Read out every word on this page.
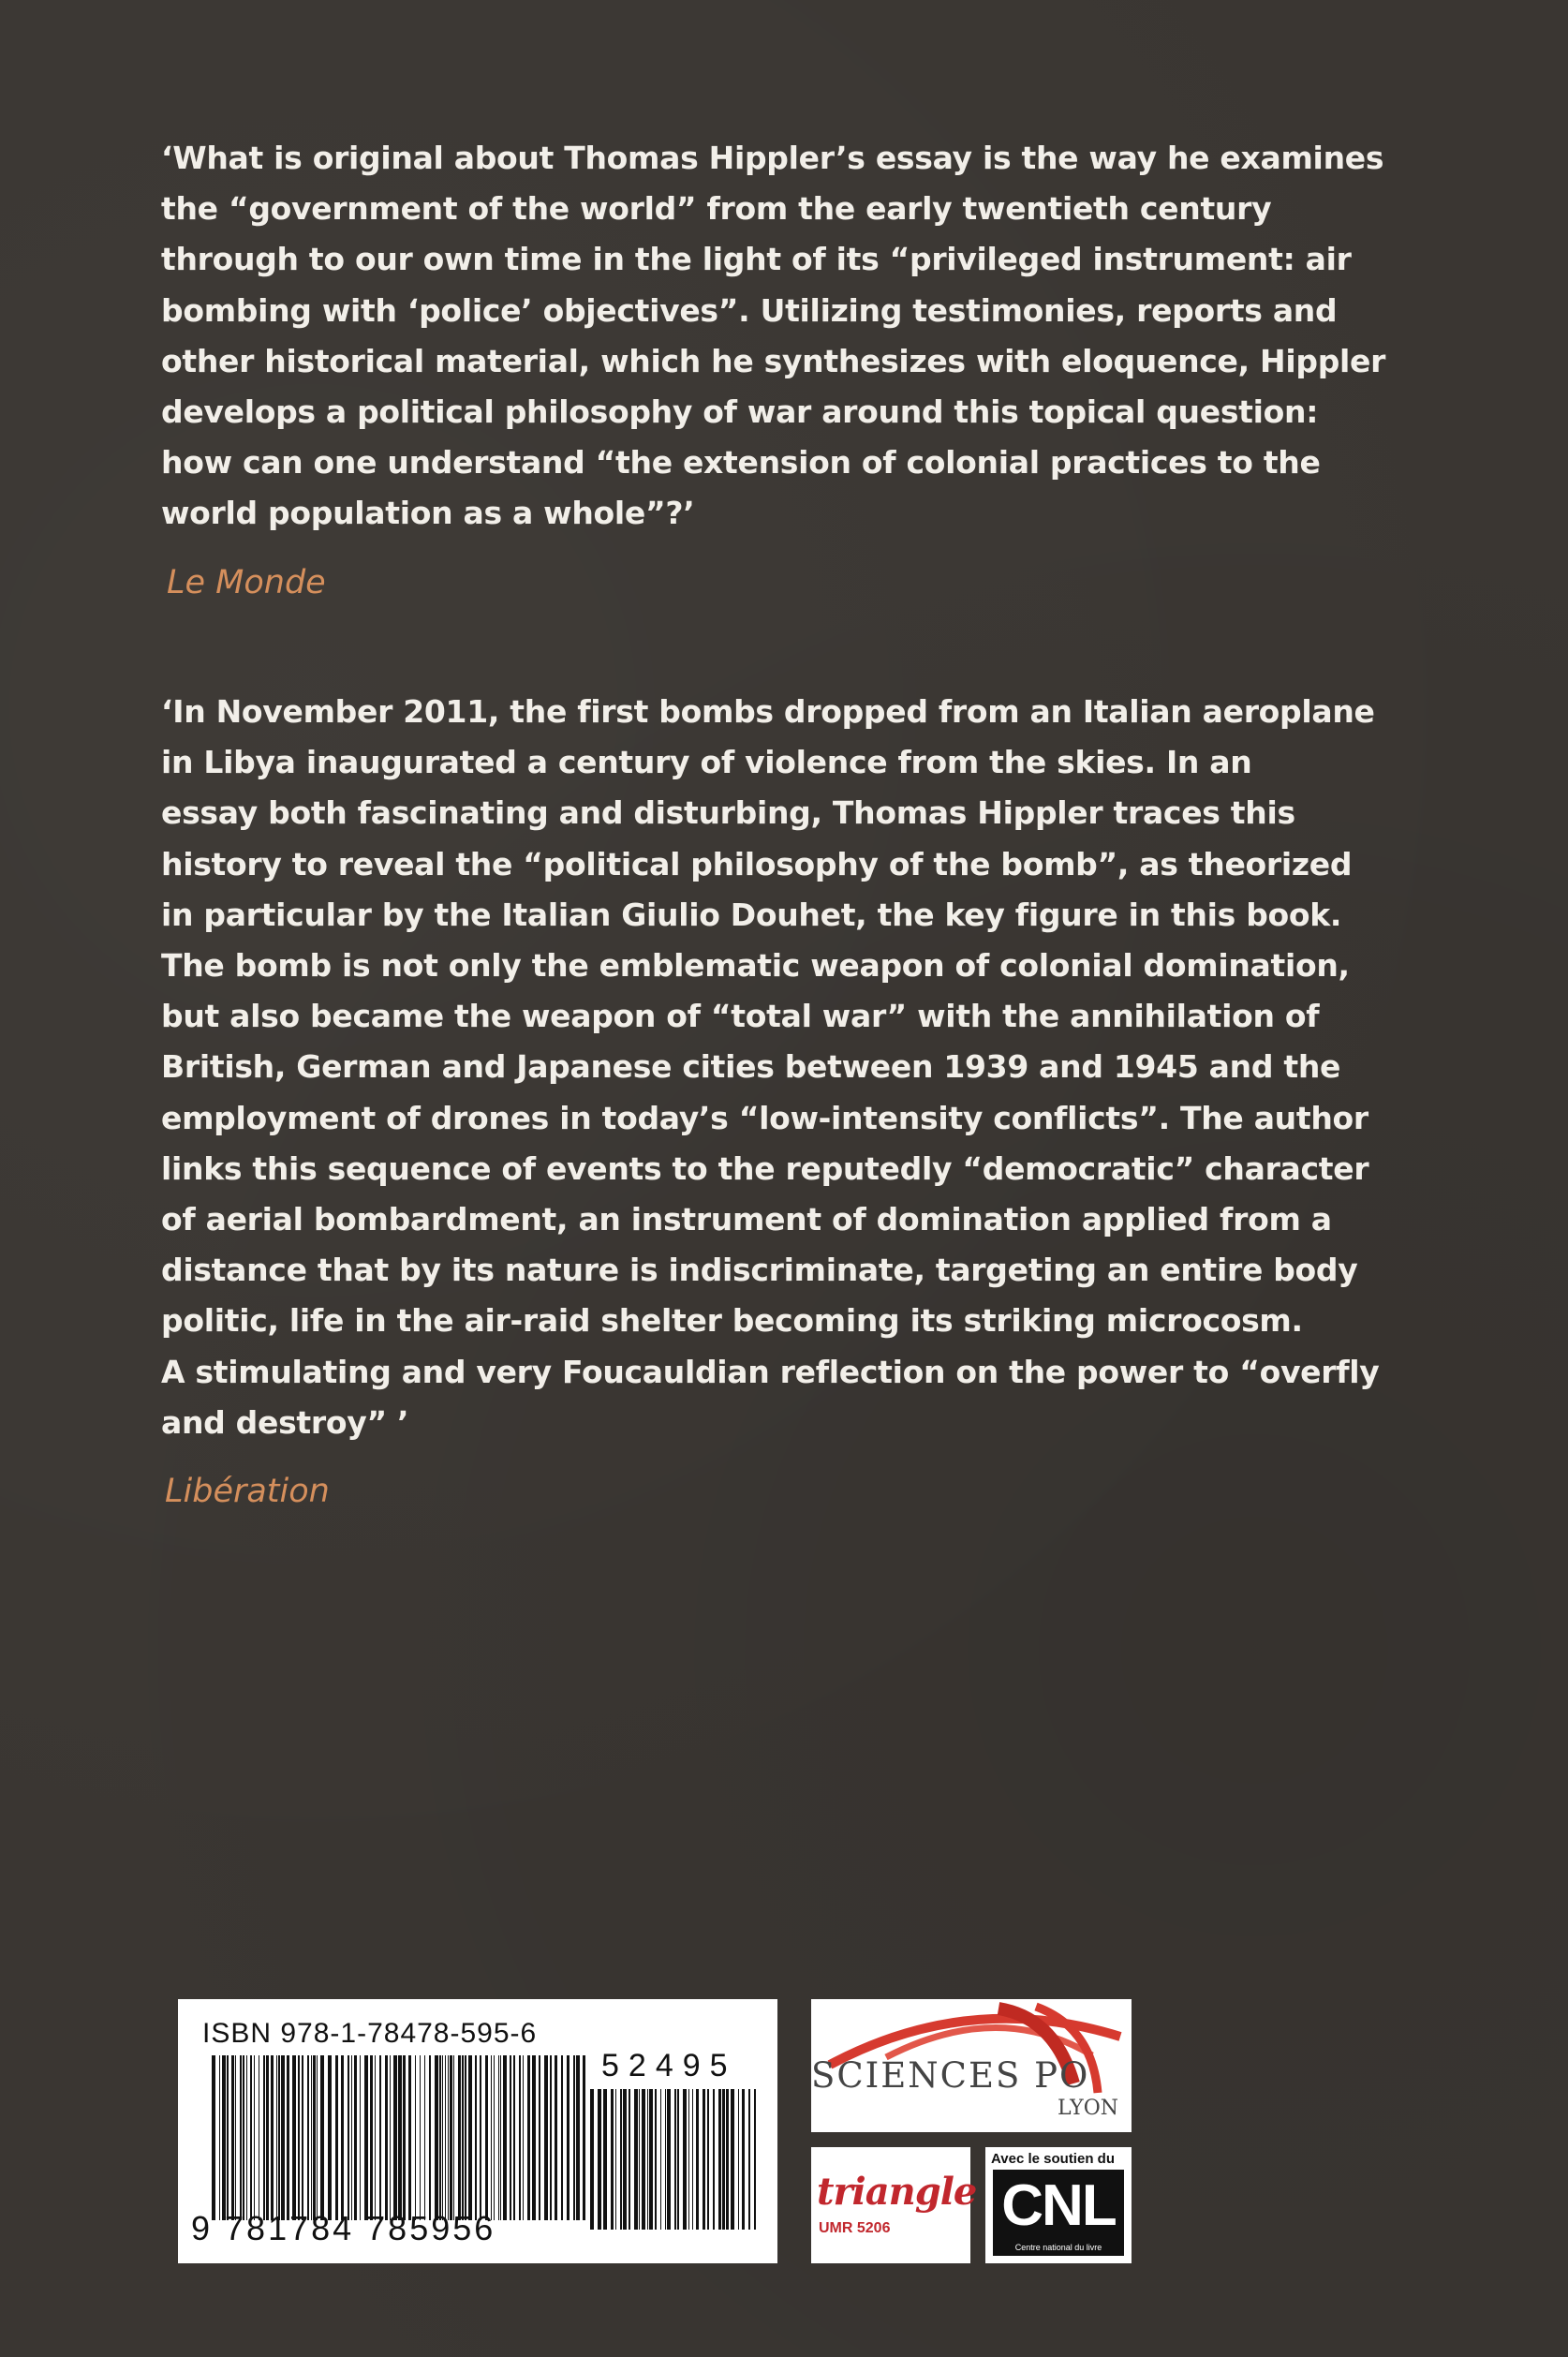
‘What is original about Thomas Hippler’s essay is the way he examines
the “government of the world” from the early twentieth century
through to our own time in the light of its “privileged instrument: air
bombing with ‘police’ objectives”. Utilizing testimonies, reports and
other historical material, which he synthesizes with eloquence, Hippler
develops a political philosophy of war around this topical question:
how can one understand “the extension of colonial practices to the
world population as a whole”?’

Le Monde

‘In November 2011, the first bombs dropped from an Italian aeroplane
in Libya inaugurated a century of violence from the skies. In an
essay both fascinating and disturbing, Thomas Hippler traces this
history to reveal the “political philosophy of the bomb”, as theorized
in particular by the Italian Giulio Douhet, the key figure in this book.
The bomb is not only the emblematic weapon of colonial domination,
but also became the weapon of “total war” with the annihilation of
British, German and Japanese cities between 1939 and 1945 and the
employment of drones in today’s “low-intensity conflicts”. The author
links this sequence of events to the reputedly “democratic” character
of aerial bombardment, an instrument of domination applied from a
distance that by its nature is indiscriminate, targeting an entire body
politic, life in the air-raid shelter becoming its striking microcosm.
A stimulating and very Foucauldian reflection on the power to “overfly
and destroy” ’

Libération

ISBN 978-1-78478-595-6
52495
9 781784 785956
SCIENCES PO
LYON
triangle
UMR 5206
Avec le soutien du
CNL
Centre national du livre
